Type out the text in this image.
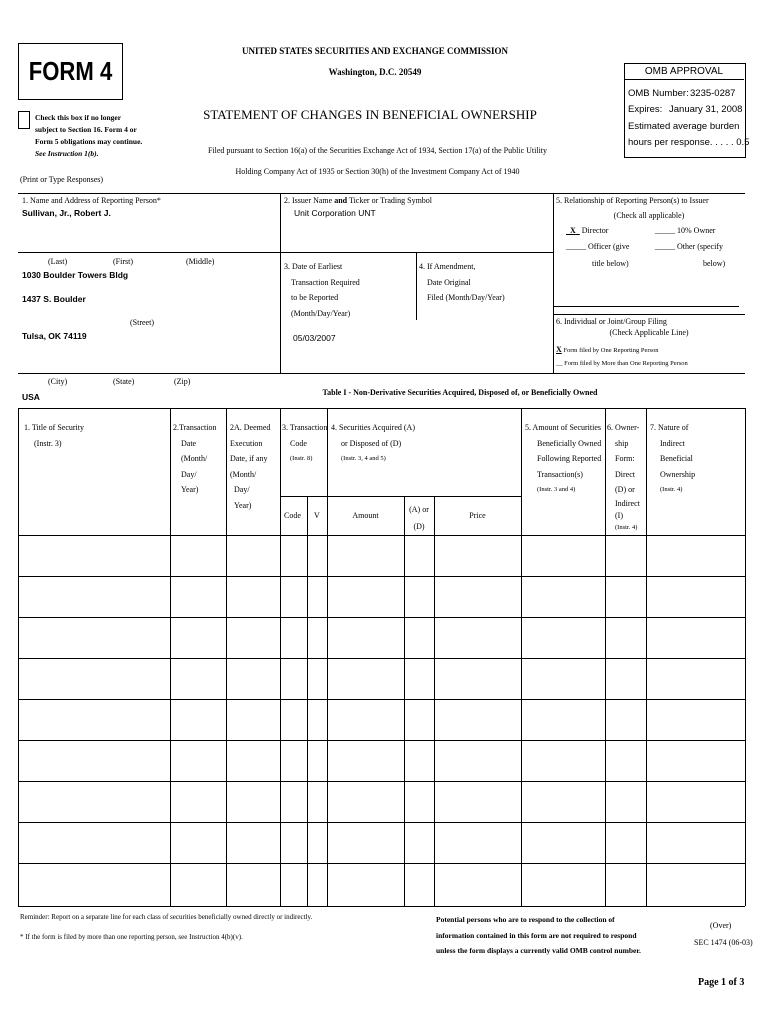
FORM 4
UNITED STATES SECURITIES AND EXCHANGE COMMISSION
Washington, D.C. 20549
Check this box if no longer
subject to Section 16. Form 4 or
Form 5 obligations may continue.
See Instruction 1(b).
STATEMENT OF CHANGES IN BENEFICIAL OWNERSHIP
Filed pursuant to Section 16(a) of the Securities Exchange Act of 1934, Section 17(a) of the Public Utility
Holding Company Act of 1935 or Section 30(h) of the Investment Company Act of 1940
(Print or Type Responses)
OMB APPROVAL
OMB Number: 3235-0287
Expires: January 31, 2008
Estimated average burden
hours per response. . . . . 0.5
1. Name and Address of Reporting Person*
Sullivan, Jr., Robert J.
(Last)	(First)	(Middle)
1030 Boulder Towers Bldg
1437 S. Boulder
(Street)
Tulsa, OK 74119
(City)	(State)	(Zip)
USA
2. Issuer Name and Ticker or Trading Symbol
Unit Corporation UNT
3. Date of Earliest
Transaction Required
to be Reported
(Month/Day/Year)
05/03/2007
4. If Amendment,
Date Original
Filed (Month/Day/Year)
5. Relationship of Reporting Person(s) to Issuer
(Check all applicable)
X Director	_____ 10% Owner
_____ Officer (give
title below)
_____ Other (specify
below)
6. Individual or Joint/Group Filing
(Check Applicable Line)
X Form filed by One Reporting Person
__ Form filed by More than One Reporting Person
Table I - Non-Derivative Securities Acquired, Disposed of, or Beneficially Owned
1. Title of Security
(Instr. 3)
2.Transaction
Date
(Month/
Day/
Year)
2A. Deemed
Execution
Date, if any
(Month/
Day/
Year)
3. Transaction
Code
(Instr. 8)
4. Securities Acquired (A)
or Disposed of (D)
(Instr. 3, 4 and 5)
5. Amount of Securities
Beneficially Owned
Following Reported
Transaction(s)
(Instr. 3 and 4)
6. Owner-
ship
Form:
Direct
(D) or
Indirect
(I)
(Instr. 4)
7. Nature of
Indirect
Beneficial
Ownership
(Instr. 4)
Code V	Amount
(A) or
(D)
Price
Reminder: Report on a separate line for each class of securities beneficially owned directly or indirectly.
* If the form is filed by more than one reporting person, see Instruction 4(b)(v).
Potential persons who are to respond to the collection of
information contained in this form are not required to respond
unless the form displays a currently valid OMB control number.
(Over)
SEC 1474 (06-03)
Page 1 of 3
